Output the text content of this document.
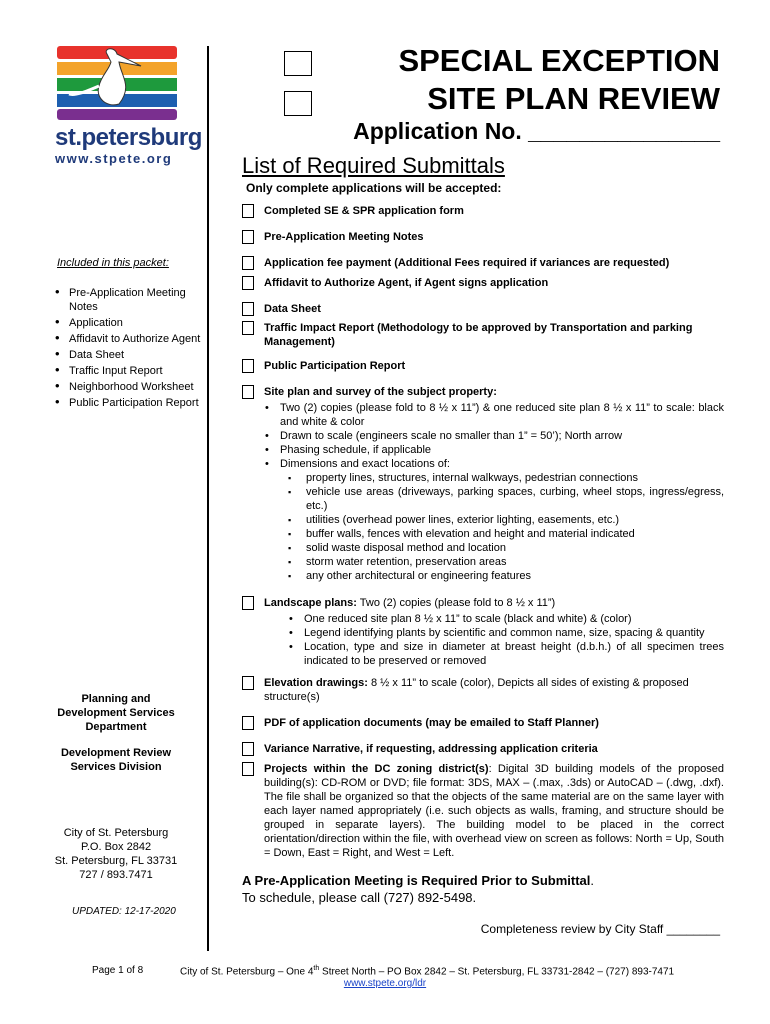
st.petersburg
www.stpete.org
SPECIAL EXCEPTION
SITE PLAN REVIEW
Application No. _______________
List of Required Submittals
Only complete applications will be accepted:
Completed SE & SPR application form
Pre-Application Meeting Notes
Application fee payment (Additional Fees required if variances are requested)
Affidavit to Authorize Agent, if Agent signs application
Data Sheet
Traffic Impact Report (Methodology to be approved by Transportation and parking Management)
Public Participation Report
Site plan and survey of the subject property:
• Two (2) copies (please fold to 8 ½ x 11”) & one reduced site plan 8 ½ x 11” to scale: black and white & color
• Drawn to scale (engineers scale no smaller than 1” = 50’); North arrow
• Phasing schedule, if applicable
• Dimensions and exact locations of:
▪ property lines, structures, internal walkways, pedestrian connections
▪ vehicle use areas (driveways, parking spaces, curbing, wheel stops, ingress/egress, etc.)
▪ utilities (overhead power lines, exterior lighting, easements, etc.)
▪ buffer walls, fences with elevation and height and material indicated
▪ solid waste disposal method and location
▪ storm water retention, preservation areas
▪ any other architectural or engineering features
Landscape plans: Two (2) copies (please fold to 8 ½ x 11”)
• One reduced site plan 8 ½ x 11” to scale (black and white) & (color)
• Legend identifying plants by scientific and common name, size, spacing & quantity
• Location, type and size in diameter at breast height (d.b.h.) of all specimen trees indicated to be preserved or removed
Elevation drawings: 8 ½ x 11” to scale (color), Depicts all sides of existing & proposed structure(s)
PDF of application documents (may be emailed to Staff Planner)
Variance Narrative, if requesting, addressing application criteria
Projects within the DC zoning district(s): Digital 3D building models of the proposed building(s): CD-ROM or DVD; file format: 3DS, MAX – (.max, .3ds) or AutoCAD – (.dwg, .dxf). The file shall be organized so that the objects of the same material are on the same layer with each layer named appropriately (i.e. such objects as walls, framing, and structure should be grouped in separate layers). The building model to be placed in the correct orientation/direction within the file, with overhead view on screen as follows: North = Up, South = Down, East = Right, and West = Left.
Included in this packet:
• Pre-Application Meeting Notes
• Application
• Affidavit to Authorize Agent
• Data Sheet
• Traffic Input Report
• Neighborhood Worksheet
• Public Participation Report
Planning and
Development Services
Department
Development Review
Services Division
City of St. Petersburg
P.O. Box 2842
St. Petersburg, FL 33731
727 / 893.7471
UPDATED: 12-17-2020
A Pre-Application Meeting is Required Prior to Submittal.
To schedule, please call (727) 892-5498.
Completeness review by City Staff ________
Page 1 of 8	City of St. Petersburg – One 4th Street North – PO Box 2842 – St. Petersburg, FL 33731-2842 – (727) 893-7471
www.stpete.org/ldr
